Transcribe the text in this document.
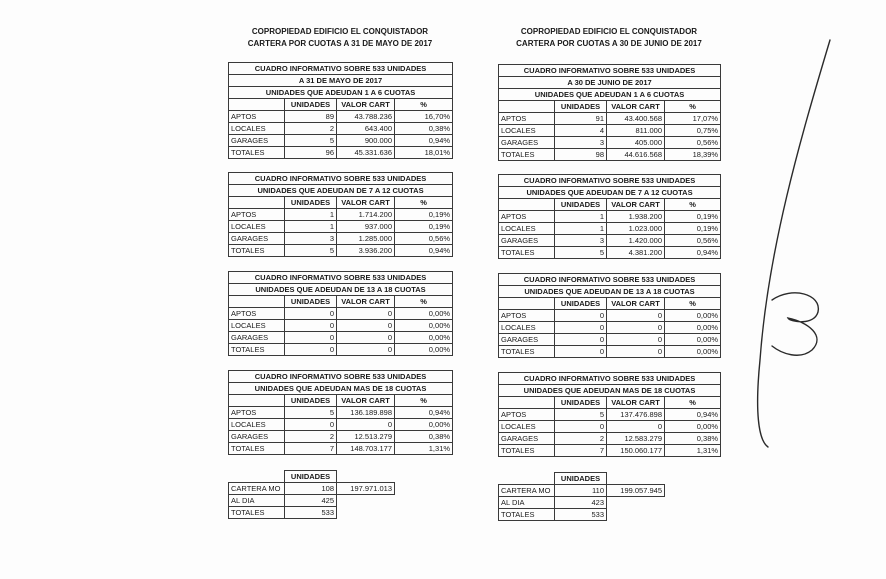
COPROPIEDAD EDIFICIO EL CONQUISTADOR
CARTERA POR CUOTAS A 31 DE MAYO DE 2017
CUADRO INFORMATIVO SOBRE 533 UNIDADES			
A 31 DE MAYO DE 2017			
UNIDADES QUE ADEUDAN 1 A 6 CUOTAS			
	UNIDADES	VALOR CART	%
APTOS	89	43.788.236	16,70%
LOCALES	2	643.400	0,38%
GARAGES	5	900.000	0,94%
TOTALES	96	45.331.636	18,01%
CUADRO INFORMATIVO SOBRE 533 UNIDADES			
UNIDADES QUE ADEUDAN DE 7 A 12 CUOTAS			
	UNIDADES	VALOR CART	%
APTOS	1	1.714.200	0,19%
LOCALES	1	937.000	0,19%
GARAGES	3	1.285.000	0,56%
TOTALES	5	3.936.200	0,94%
CUADRO INFORMATIVO SOBRE 533 UNIDADES			
UNIDADES QUE ADEUDAN DE 13 A 18 CUOTAS			
	UNIDADES	VALOR CART	%
APTOS	0	0	0,00%
LOCALES	0	0	0,00%
GARAGES	0	0	0,00%
TOTALES	0	0	0,00%
CUADRO INFORMATIVO SOBRE 533 UNIDADES			
UNIDADES QUE ADEUDAN MAS DE 18 CUOTAS			
	UNIDADES	VALOR CART	%
APTOS	5	136.189.898	0,94%
LOCALES	0	0	0,00%
GARAGES	2	12.513.279	0,38%
TOTALES	7	148.703.177	1,31%
	UNIDADES	
CARTERA MO	108	197.971.013
AL DIA	425	
TOTALES	533	
COPROPIEDAD EDIFICIO EL CONQUISTADOR
CARTERA POR CUOTAS A 30 DE JUNIO DE 2017
CUADRO INFORMATIVO SOBRE 533 UNIDADES			
A 30 DE JUNIO DE 2017			
UNIDADES QUE ADEUDAN 1 A 6 CUOTAS			
	UNIDADES	VALOR CART	%
APTOS	91	43.400.568	17,07%
LOCALES	4	811.000	0,75%
GARAGES	3	405.000	0,56%
TOTALES	98	44.616.568	18,39%
CUADRO INFORMATIVO SOBRE 533 UNIDADES			
UNIDADES QUE ADEUDAN DE 7 A 12 CUOTAS			
	UNIDADES	VALOR CART	%
APTOS	1	1.938.200	0,19%
LOCALES	1	1.023.000	0,19%
GARAGES	3	1.420.000	0,56%
TOTALES	5	4.381.200	0,94%
CUADRO INFORMATIVO SOBRE 533 UNIDADES			
UNIDADES QUE ADEUDAN DE 13 A 18 CUOTAS			
	UNIDADES	VALOR CART	%
APTOS	0	0	0,00%
LOCALES	0	0	0,00%
GARAGES	0	0	0,00%
TOTALES	0	0	0,00%
CUADRO INFORMATIVO SOBRE 533 UNIDADES			
UNIDADES QUE ADEUDAN MAS DE 18 CUOTAS			
	UNIDADES	VALOR CART	%
APTOS	5	137.476.898	0,94%
LOCALES	0	0	0,00%
GARAGES	2	12.583.279	0,38%
TOTALES	7	150.060.177	1,31%
	UNIDADES	
CARTERA MO	110	199.057.945
AL DIA	423	
TOTALES	533	
